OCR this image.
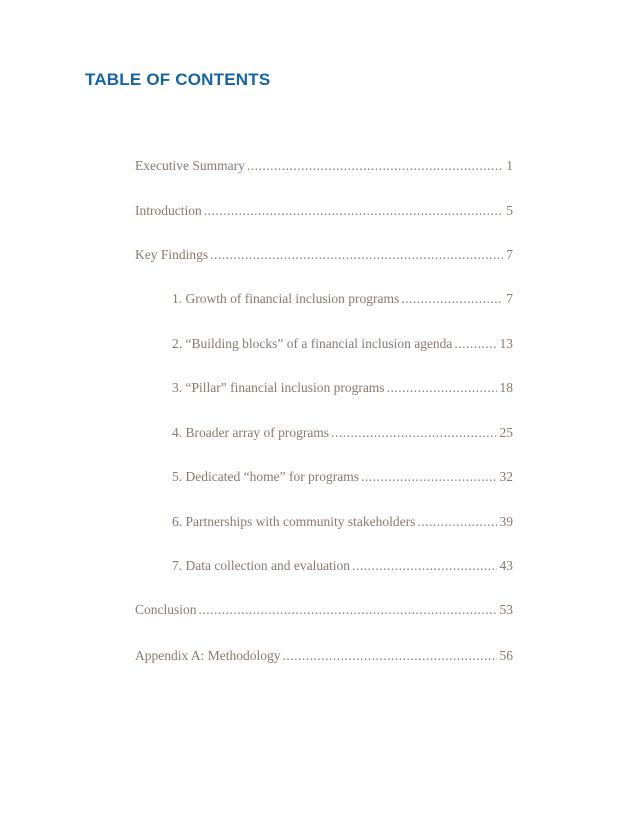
TABLE OF CONTENTS
Executive Summary .....	1
Introduction .....	5
Key Findings .....	7
1. Growth of financial inclusion programs .....	7
2. “Building blocks” of a financial inclusion agenda .....	13
3. “Pillar” financial inclusion programs .....	18
4. Broader array of programs .....	25
5. Dedicated “home” for programs .....	32
6. Partnerships with community stakeholders .....	39
7. Data collection and evaluation .....	43
Conclusion .....	53
Appendix A: Methodology .....	56
